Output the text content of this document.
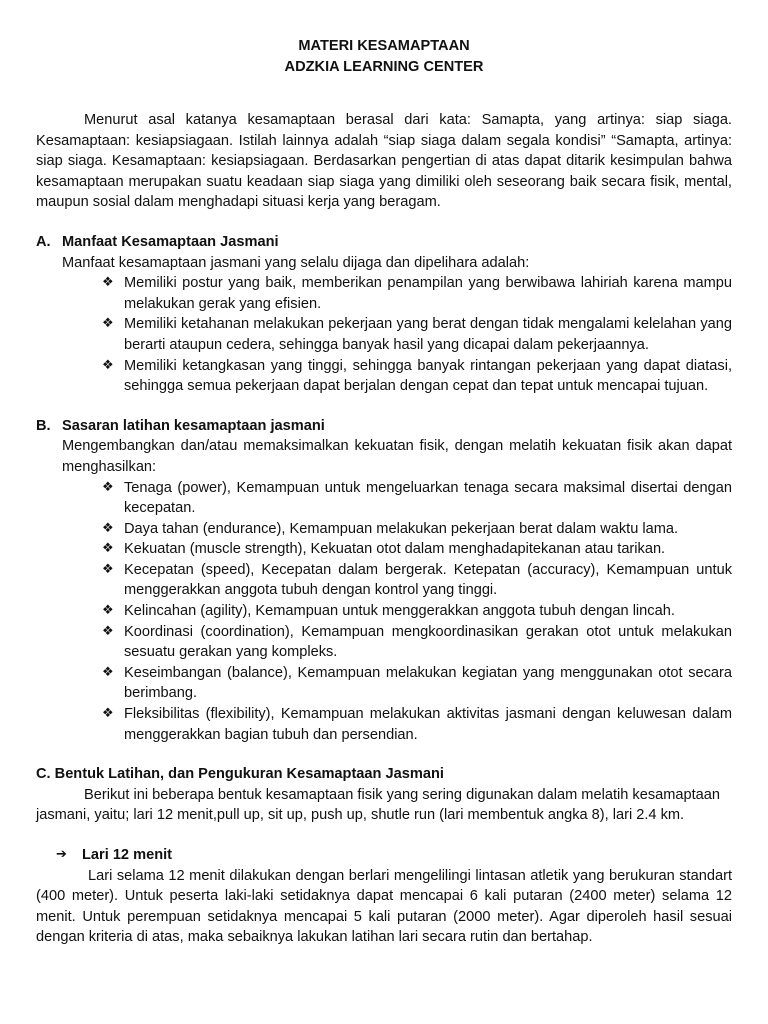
MATERI KESAMAPTAAN
ADZKIA LEARNING CENTER

Menurut asal katanya kesamaptaan berasal dari kata: Samapta, yang artinya: siap siaga. Kesamaptaan: kesiapsiagaan. Istilah lainnya adalah “siap siaga dalam segala kondisi” “Samapta, artinya: siap siaga. Kesamaptaan: kesiapsiagaan. Berdasarkan pengertian di atas dapat ditarik kesimpulan bahwa kesamaptaan merupakan suatu keadaan siap siaga yang dimiliki oleh seseorang baik secara fisik, mental, maupun sosial dalam menghadapi situasi kerja yang beragam.

A. Manfaat Kesamaptaan Jasmani
Manfaat kesamaptaan jasmani yang selalu dijaga dan dipelihara adalah:
❖ Memiliki postur yang baik, memberikan penampilan yang berwibawa lahiriah karena mampu melakukan gerak yang efisien.
❖ Memiliki ketahanan melakukan pekerjaan yang berat dengan tidak mengalami kelelahan yang berarti ataupun cedera, sehingga banyak hasil yang dicapai dalam pekerjaannya.
❖ Memiliki ketangkasan yang tinggi, sehingga banyak rintangan pekerjaan yang dapat diatasi, sehingga semua pekerjaan dapat berjalan dengan cepat dan tepat untuk mencapai tujuan.
B. Sasaran latihan kesamaptaan jasmani
Mengembangkan dan/atau memaksimalkan kekuatan fisik, dengan melatih kekuatan fisik akan dapat menghasilkan:
❖ Tenaga (power), Kemampuan untuk mengeluarkan tenaga secara maksimal disertai dengan kecepatan.
❖ Daya tahan (endurance), Kemampuan melakukan pekerjaan berat dalam waktu lama.
❖ Kekuatan (muscle strength), Kekuatan otot dalam menghadapitekanan atau tarikan.
❖ Kecepatan (speed), Kecepatan dalam bergerak. Ketepatan (accuracy), Kemampuan untuk menggerakkan anggota tubuh dengan kontrol yang tinggi.
❖ Kelincahan (agility), Kemampuan untuk menggerakkan anggota tubuh dengan lincah.
❖ Koordinasi (coordination), Kemampuan mengkoordinasikan gerakan otot untuk melakukan sesuatu gerakan yang kompleks.
❖ Keseimbangan (balance), Kemampuan melakukan kegiatan yang menggunakan otot secara berimbang.
❖ Fleksibilitas (flexibility), Kemampuan melakukan aktivitas jasmani dengan keluwesan dalam menggerakkan bagian tubuh dan persendian.
C. Bentuk Latihan, dan Pengukuran Kesamaptaan Jasmani
Berikut ini beberapa bentuk kesamaptaan fisik yang sering digunakan dalam melatih kesamaptaan jasmani, yaitu; lari 12 menit,pull up, sit up, push up, shutle run (lari membentuk angka 8), lari 2.4 km.
➔	Lari 12 menit
Lari selama 12 menit dilakukan dengan berlari mengelilingi lintasan atletik yang berukuran standart (400 meter). Untuk peserta laki-laki setidaknya dapat mencapai 6 kali putaran (2400 meter) selama 12 menit. Untuk perempuan setidaknya mencapai 5 kali putaran (2000 meter). Agar diperoleh hasil sesuai dengan kriteria di atas, maka sebaiknya lakukan latihan lari secara rutin dan bertahap.
